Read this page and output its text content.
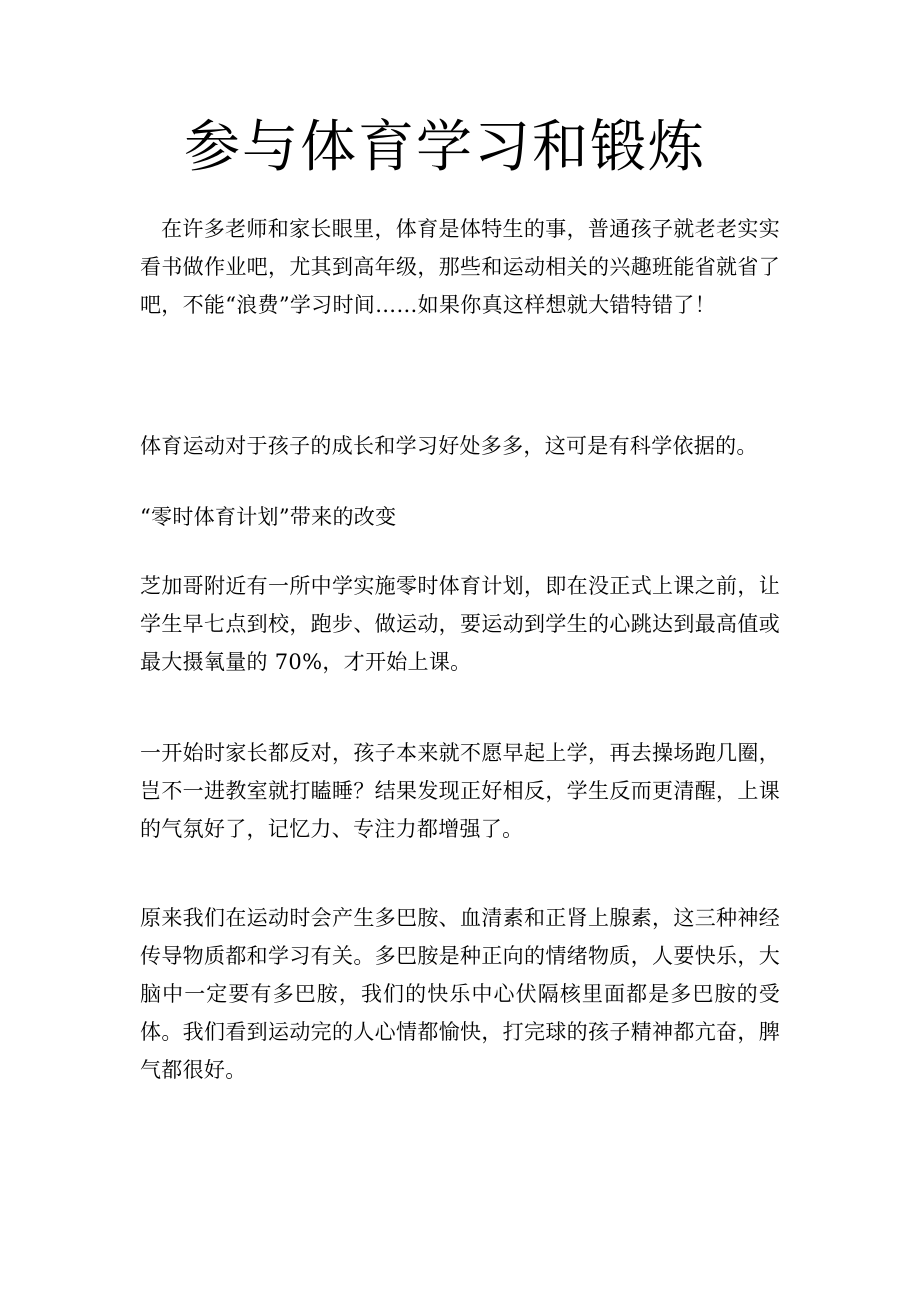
参与体育学习和锻炼

在许多老师和家长眼里，体育是体特生的事，普通孩子就老老实实看书做作业吧，尤其到高年级，那些和运动相关的兴趣班能省就省了吧，不能“浪费”学习时间……如果你真这样想就大错特错了！

体育运动对于孩子的成长和学习好处多多，这可是有科学依据的。

“零时体育计划”带来的改变

芝加哥附近有一所中学实施零时体育计划，即在没正式上课之前，让学生早七点到校，跑步、做运动，要运动到学生的心跳达到最高值或最大摄氧量的 70%，才开始上课。

一开始时家长都反对，孩子本来就不愿早起上学，再去操场跑几圈，岂不一进教室就打瞌睡？结果发现正好相反，学生反而更清醒，上课的气氛好了，记忆力、专注力都增强了。

原来我们在运动时会产生多巴胺、血清素和正肾上腺素，这三种神经传导物质都和学习有关。多巴胺是种正向的情绪物质，人要快乐，大脑中一定要有多巴胺，我们的快乐中心伏隔核里面都是多巴胺的受体。我们看到运动完的人心情都愉快，打完球的孩子精神都亢奋，脾气都很好。
